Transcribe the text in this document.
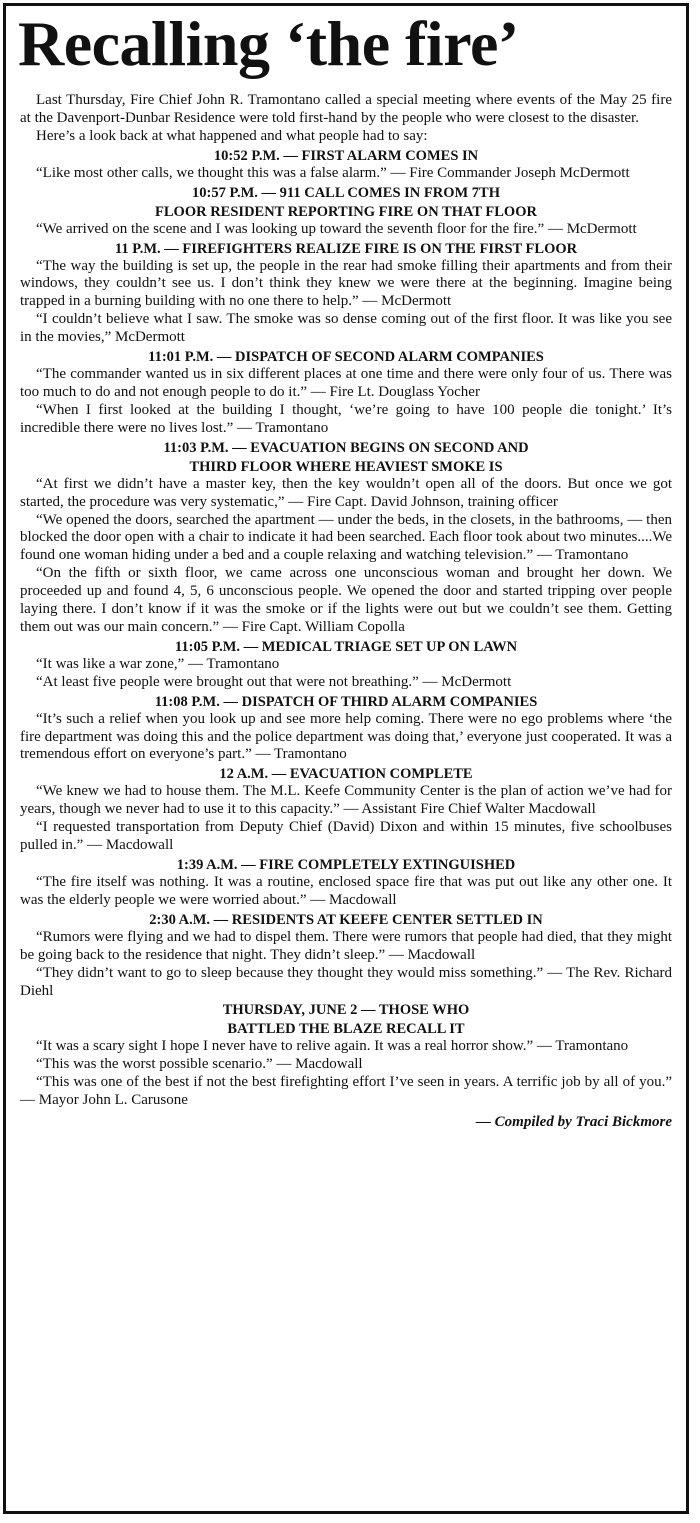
Recalling ‘the fire’

Last Thursday, Fire Chief John R. Tramontano called a special meeting where events of the May 25 fire at the Davenport-Dunbar Residence were told first-hand by the people who were closest to the disaster.

Here’s a look back at what happened and what people had to say:

10:52 P.M. — FIRST ALARM COMES IN

“Like most other calls, we thought this was a false alarm.” — Fire Commander Joseph McDermott

10:57 P.M. — 911 CALL COMES IN FROM 7TH
FLOOR RESIDENT REPORTING FIRE ON THAT FLOOR

“We arrived on the scene and I was looking up toward the seventh floor for the fire.” — McDermott

11 P.M. — FIREFIGHTERS REALIZE FIRE IS ON THE FIRST FLOOR

“The way the building is set up, the people in the rear had smoke filling their apartments and from their windows, they couldn’t see us. I don’t think they knew we were there at the beginning. Imagine being trapped in a burning building with no one there to help.” — McDermott

“I couldn’t believe what I saw. The smoke was so dense coming out of the first floor. It was like you see in the movies,” McDermott

11:01 P.M. — DISPATCH OF SECOND ALARM COMPANIES

“The commander wanted us in six different places at one time and there were only four of us. There was too much to do and not enough people to do it.” — Fire Lt. Douglass Yocher

“When I first looked at the building I thought, ‘we’re going to have 100 people die tonight.’ It’s incredible there were no lives lost.” — Tramontano

11:03 P.M. — EVACUATION BEGINS ON SECOND AND
THIRD FLOOR WHERE HEAVIEST SMOKE IS

“At first we didn’t have a master key, then the key wouldn’t open all of the doors. But once we got started, the procedure was very systematic,” — Fire Capt. David Johnson, training officer

“We opened the doors, searched the apartment — under the beds, in the closets, in the bathrooms, — then blocked the door open with a chair to indicate it had been searched. Each floor took about two minutes....We found one woman hiding under a bed and a couple relaxing and watching television.” — Tramontano

“On the fifth or sixth floor, we came across one unconscious woman and brought her down. We proceeded up and found 4, 5, 6 unconscious people. We opened the door and started tripping over people laying there. I don’t know if it was the smoke or if the lights were out but we couldn’t see them. Getting them out was our main concern.” — Fire Capt. William Copolla

11:05 P.M. — MEDICAL TRIAGE SET UP ON LAWN

“It was like a war zone,” — Tramontano

“At least five people were brought out that were not breathing.” — McDermott

11:08 P.M. — DISPATCH OF THIRD ALARM COMPANIES

“It’s such a relief when you look up and see more help coming. There were no ego problems where ‘the fire department was doing this and the police department was doing that,’ everyone just cooperated. It was a tremendous effort on everyone’s part.” — Tramontano

12 A.M. — EVACUATION COMPLETE

“We knew we had to house them. The M.L. Keefe Community Center is the plan of action we’ve had for years, though we never had to use it to this capacity.” — Assistant Fire Chief Walter Macdowall

“I requested transportation from Deputy Chief (David) Dixon and within 15 minutes, five schoolbuses pulled in.” — Macdowall

1:39 A.M. — FIRE COMPLETELY EXTINGUISHED

“The fire itself was nothing. It was a routine, enclosed space fire that was put out like any other one. It was the elderly people we were worried about.” — Macdowall

2:30 A.M. — RESIDENTS AT KEEFE CENTER SETTLED IN

“Rumors were flying and we had to dispel them. There were rumors that people had died, that they might be going back to the residence that night. They didn’t sleep.” — Macdowall

“They didn’t want to go to sleep because they thought they would miss something.” — The Rev. Richard Diehl

THURSDAY, JUNE 2 — THOSE WHO
BATTLED THE BLAZE RECALL IT

“It was a scary sight I hope I never have to relive again. It was a real horror show.” — Tramontano

“This was the worst possible scenario.” — Macdowall

“This was one of the best if not the best firefighting effort I’ve seen in years. A terrific job by all of you.” — Mayor John L. Carusone

— Compiled by Traci Bickmore
